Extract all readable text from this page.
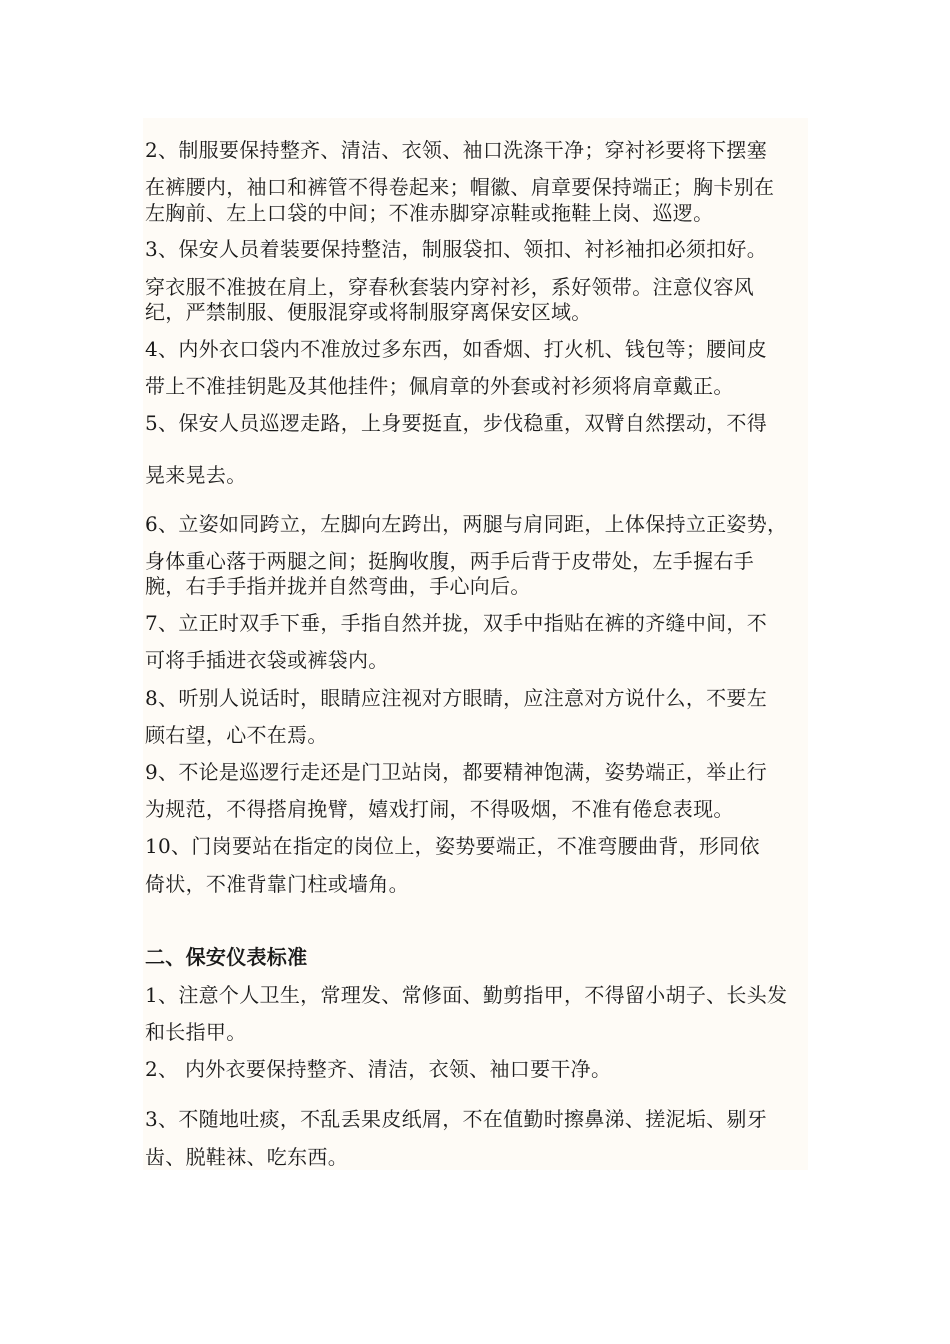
2、制服要保持整齐、清洁、衣领、袖口洗涤干净；穿衬衫要将下摆塞
在裤腰内，袖口和裤管不得卷起来；帽徽、肩章要保持端正；胸卡别在
左胸前、左上口袋的中间；不准赤脚穿凉鞋或拖鞋上岗、巡逻。
3、保安人员着装要保持整洁，制服袋扣、领扣、衬衫袖扣必须扣好。
穿衣服不准披在肩上，穿春秋套装内穿衬衫，系好领带。注意仪容风
纪，严禁制服、便服混穿或将制服穿离保安区域。
4、内外衣口袋内不准放过多东西，如香烟、打火机、钱包等；腰间皮
带上不准挂钥匙及其他挂件；佩肩章的外套或衬衫须将肩章戴正。
5、保安人员巡逻走路，上身要挺直，步伐稳重，双臂自然摆动，不得
晃来晃去。
6、立姿如同跨立，左脚向左跨出，两腿与肩同距，上体保持立正姿势，
身体重心落于两腿之间；挺胸收腹，两手后背于皮带处，左手握右手
腕，右手手指并拢并自然弯曲，手心向后。
7、立正时双手下垂，手指自然并拢，双手中指贴在裤的齐缝中间，不
可将手插进衣袋或裤袋内。
8、听别人说话时，眼睛应注视对方眼睛，应注意对方说什么，不要左
顾右望，心不在焉。
9、不论是巡逻行走还是门卫站岗，都要精神饱满，姿势端正，举止行
为规范，不得搭肩挽臂，嬉戏打闹，不得吸烟，不准有倦怠表现。
10、门岗要站在指定的岗位上，姿势要端正，不准弯腰曲背，形同依
倚状，不准背靠门柱或墙角。
二、保安仪表标准
1、注意个人卫生，常理发、常修面、勤剪指甲，不得留小胡子、长头发
和长指甲。
2、 内外衣要保持整齐、清洁，衣领、袖口要干净。
3、不随地吐痰，不乱丢果皮纸屑，不在值勤时擦鼻涕、搓泥垢、剔牙
齿、脱鞋袜、吃东西。
